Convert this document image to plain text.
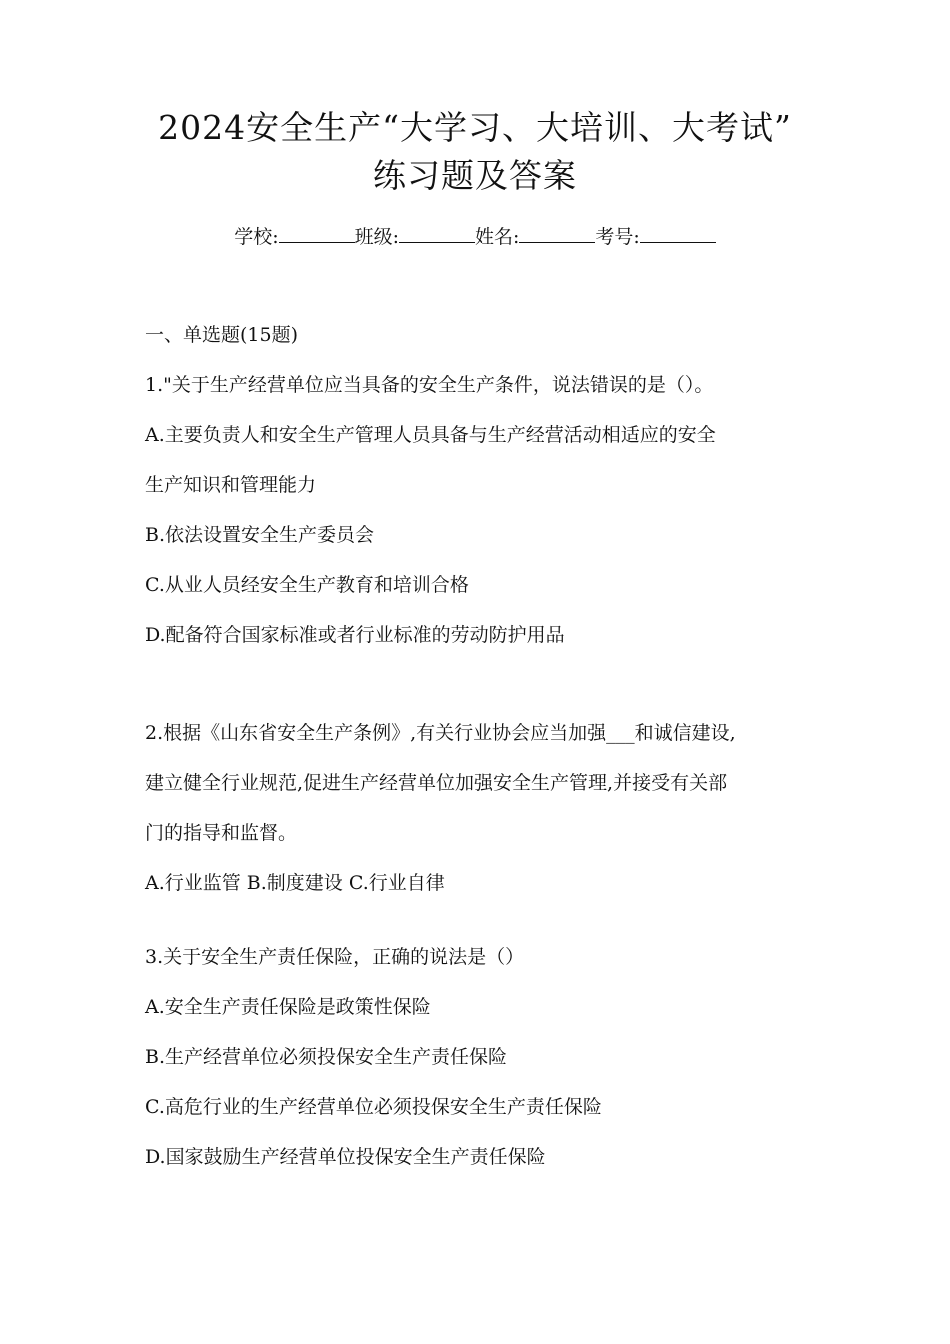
2024安全生产“大学习、大培训、大考试”
练习题及答案
学校:	班级:	姓名:	考号:
一、单选题(15题)
1."关于生产经营单位应当具备的安全生产条件，说法错误的是（）。
A.主要负责人和安全生产管理人员具备与生产经营活动相适应的安全
生产知识和管理能力
B.依法设置安全生产委员会
C.从业人员经安全生产教育和培训合格
D.配备符合国家标准或者行业标准的劳动防护用品
2.根据《山东省安全生产条例》,有关行业协会应当加强___和诚信建设,
建立健全行业规范,促进生产经营单位加强安全生产管理,并接受有关部
门的指导和监督。
A.行业监管 B.制度建设 C.行业自律
3.关于安全生产责任保险，正确的说法是（）
A.安全生产责任保险是政策性保险
B.生产经营单位必须投保安全生产责任保险
C.高危行业的生产经营单位必须投保安全生产责任保险
D.国家鼓励生产经营单位投保安全生产责任保险
